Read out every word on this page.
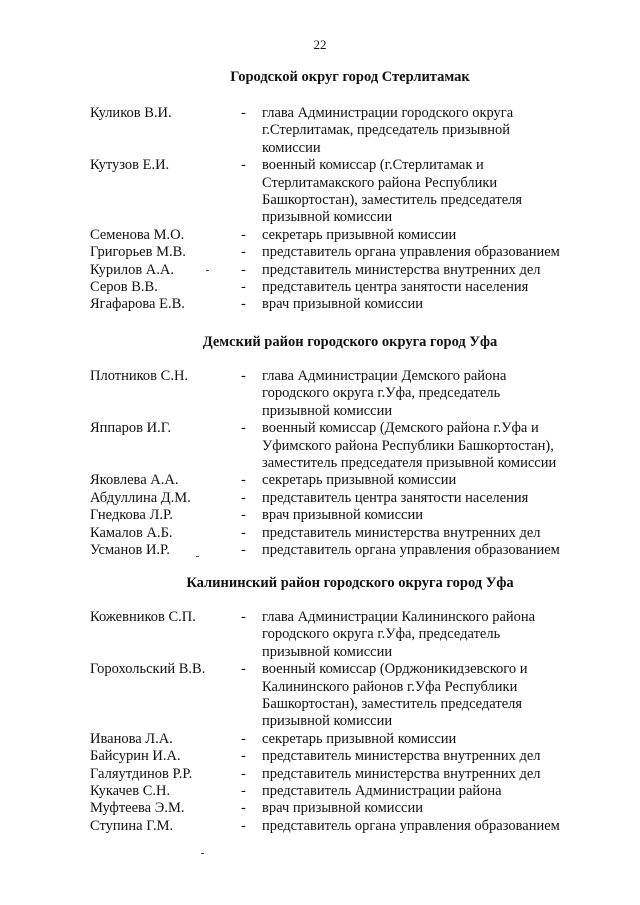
22
Городской округ город Стерлитамак
Куликов В.И.	- глава Администрации городского округа
г.Стерлитамак, председатель призывной
комиссии
Кутузов Е.И.	- военный комиссар (г.Стерлитамак и
Стерлитамакского района Республики
Башкортостан), заместитель председателя
призывной комиссии
Семенова М.О.	- секретарь призывной комиссии
Григорьев М.В.	- представитель органа управления образованием
Курилов А.А.	- представитель министерства внутренних дел
Серов В.В.	- представитель центра занятости населения
Ягафарова Е.В.	- врач призывной комиссии
Демский район городского округа город Уфа
Плотников С.Н.	- глава Администрации Демского района
городского округа г.Уфа, председатель
призывной комиссии
Яппаров И.Г.	- военный комиссар (Демского района г.Уфа и
Уфимского района Республики Башкортостан),
заместитель председателя призывной комиссии
Яковлева А.А.	- секретарь призывной комиссии
Абдуллина Д.М.	- представитель центра занятости населения
Гнедкова Л.Р.	- врач призывной комиссии
Камалов А.Б.	- представитель министерства внутренних дел
Усманов И.Р.	- представитель органа управления образованием
Калининский район городского округа город Уфа
Кожевников С.П.	- глава Администрации Калининского района
городского округа г.Уфа, председатель
призывной комиссии
Горохольский В.В. - военный комиссар (Орджоникидзевского и
Калининского районов г.Уфа Республики
Башкортостан), заместитель председателя
призывной комиссии
Иванова Л.А.	- секретарь призывной комиссии
Байсурин И.А.	- представитель министерства внутренних дел
Галяутдинов Р.Р.	- представитель министерства внутренних дел
Кукачев С.Н.	- представитель Администрации района
Муфтеева Э.М.	- врач призывной комиссии
Ступина Г.М.	- представитель органа управления образованием
